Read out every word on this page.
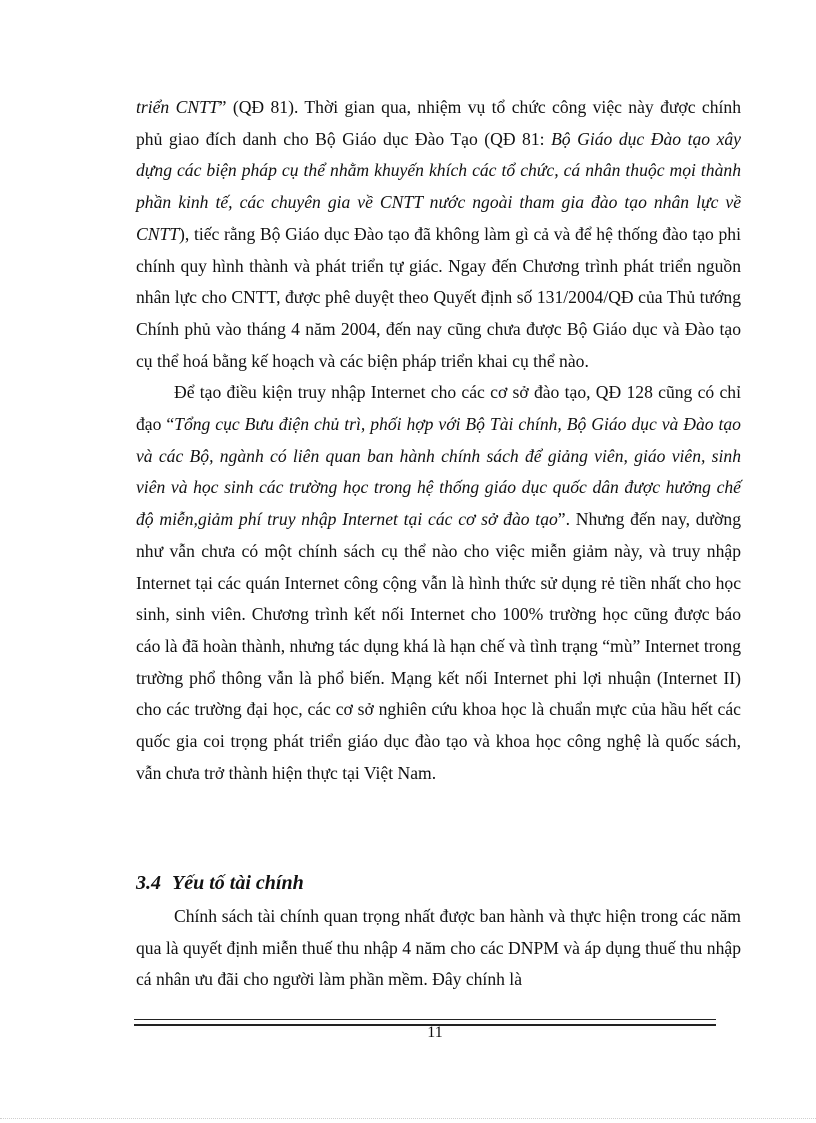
triển CNTT” (QĐ 81). Thời gian qua, nhiệm vụ tổ chức công việc này được chính phủ giao đích danh cho Bộ Giáo dục Đào Tạo (QĐ 81: Bộ Giáo dục Đào tạo xây dựng các biện pháp cụ thể nhằm khuyến khích các tổ chức, cá nhân thuộc mọi thành phần kinh tế, các chuyên gia về CNTT nước ngoài tham gia đào tạo nhân lực về CNTT), tiếc rằng Bộ Giáo dục Đào tạo đã không làm gì cả và để hệ thống đào tạo phi chính quy hình thành và phát triển tự giác. Ngay đến Chương trình phát triển nguồn nhân lực cho CNTT, được phê duyệt theo Quyết định số 131/2004/QĐ của Thủ tướng Chính phủ vào tháng 4 năm 2004, đến nay cũng chưa được Bộ Giáo dục và Đào tạo cụ thể hoá bằng kế hoạch và các biện pháp triển khai cụ thể nào.

Để tạo điều kiện truy nhập Internet cho các cơ sở đào tạo, QĐ 128 cũng có chỉ đạo “Tổng cục Bưu điện chủ trì, phối hợp với Bộ Tài chính, Bộ Giáo dục và Đào tạo và các Bộ, ngành có liên quan ban hành chính sách để giảng viên, giáo viên, sinh viên và học sinh các trường học trong hệ thống giáo dục quốc dân được hưởng chế độ miễn,giảm phí truy nhập Internet tại các cơ sở đào tạo”. Nhưng đến nay, dường như vẫn chưa có một chính sách cụ thể nào cho việc miễn giảm này, và truy nhập Internet tại các quán Internet công cộng vẫn là hình thức sử dụng rẻ tiền nhất cho học sinh, sinh viên. Chương trình kết nối Internet cho 100% trường học cũng được báo cáo là đã hoàn thành, nhưng tác dụng khá là hạn chế và tình trạng “mù” Internet trong trường phổ thông vẫn là phổ biến. Mạng kết nối Internet phi lợi nhuận (Internet II) cho các trường đại học, các cơ sở nghiên cứu khoa học là chuẩn mực của hầu hết các quốc gia coi trọng phát triển giáo dục đào tạo và khoa học công nghệ là quốc sách, vẫn chưa trở thành hiện thực tại Việt Nam.

3.4 Yếu tố tài chính

Chính sách tài chính quan trọng nhất được ban hành và thực hiện trong các năm qua là quyết định miễn thuế thu nhập 4 năm cho các DNPM và áp dụng thuế thu nhập cá nhân ưu đãi cho người làm phần mềm. Đây chính là

11
